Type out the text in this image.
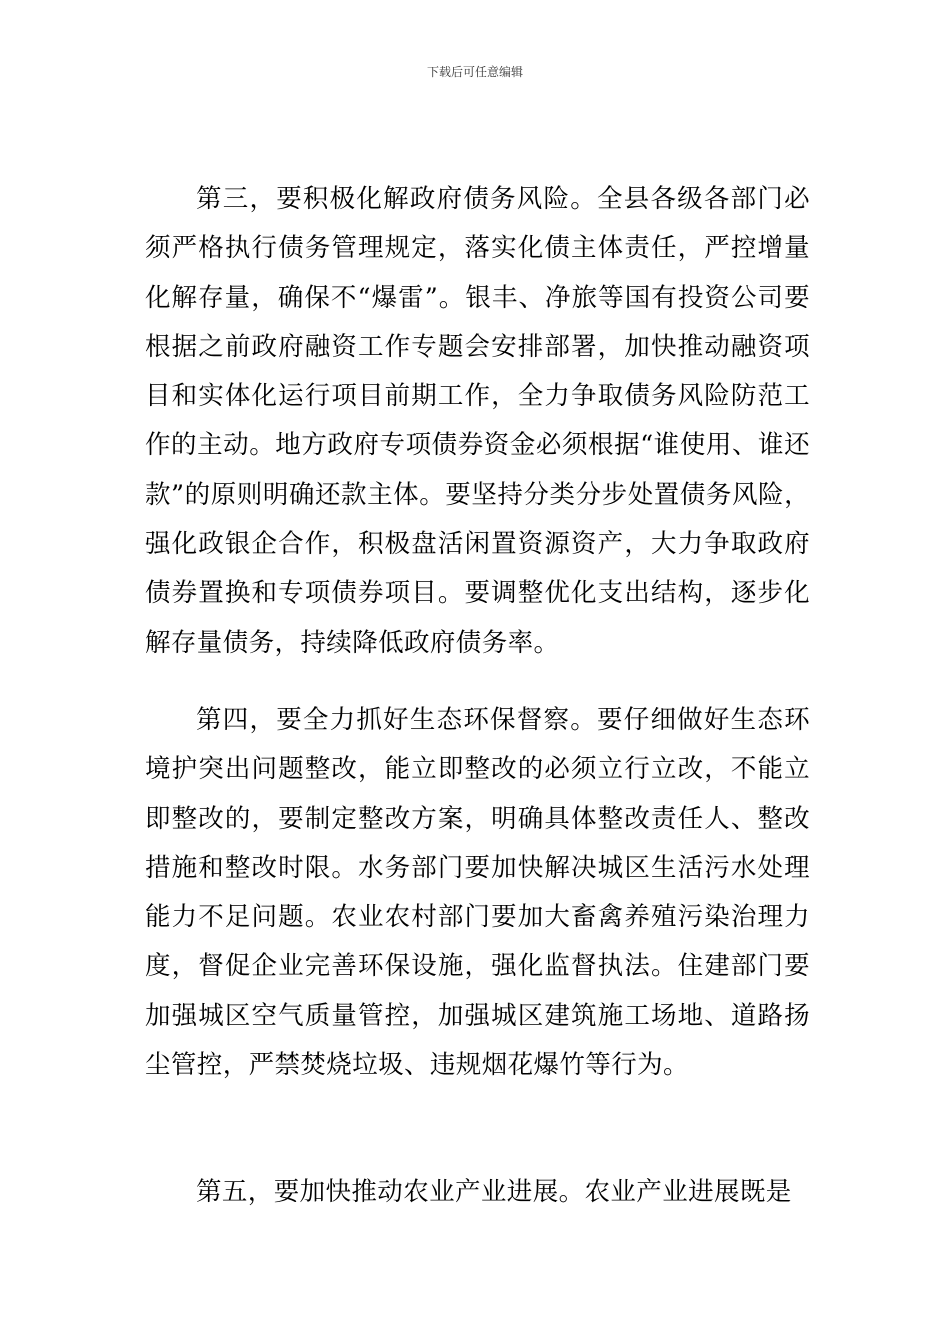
下载后可任意编辑

第三，要积极化解政府债务风险。全县各级各部门必须严格执行债务管理规定，落实化债主体责任，严控增量化解存量，确保不“爆雷”。银丰、净旅等国有投资公司要根据之前政府融资工作专题会安排部署，加快推动融资项目和实体化运行项目前期工作，全力争取债务风险防范工作的主动。地方政府专项债券资金必须根据“谁使用、谁还款”的原则明确还款主体。要坚持分类分步处置债务风险，强化政银企合作，积极盘活闲置资源资产，大力争取政府债券置换和专项债券项目。要调整优化支出结构，逐步化解存量债务，持续降低政府债务率。

第四，要全力抓好生态环保督察。要仔细做好生态环境护突出问题整改，能立即整改的必须立行立改，不能立即整改的，要制定整改方案，明确具体整改责任人、整改措施和整改时限。水务部门要加快解决城区生活污水处理能力不足问题。农业农村部门要加大畜禽养殖污染治理力度，督促企业完善环保设施，强化监督执法。住建部门要加强城区空气质量管控，加强城区建筑施工场地、道路扬尘管控，严禁焚烧垃圾、违规烟花爆竹等行为。

第五，要加快推动农业产业进展。农业产业进展既是
